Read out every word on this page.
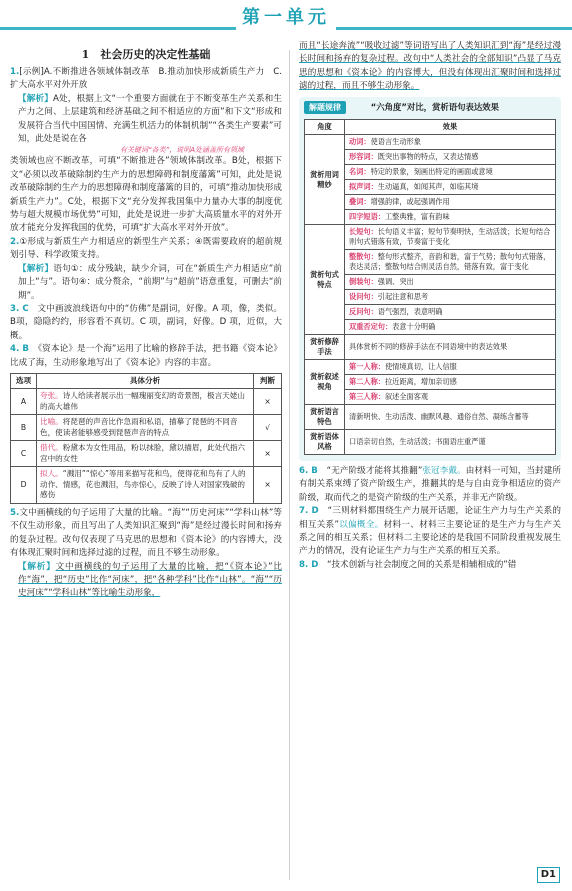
第一单元
1　社会历史的决定性基础

1.[示例]A.不断推进各领域体制改革　B.推动加快形成新质生产力　C.扩大高水平对外开放

【解析】A处，根据上文“一个重要方面就在于不断变革生产关系和生产力之间、上层建筑和经济基础之间不相适应的方面”和下文“形成和发展符合当代中国国情、充满生机活力的体制机制”“各类生产要素”可知，此处是说在各

有关键词“各类”，说明A处涵盖所有领域

类领域也应不断改革，可填“不断推进各”领域体制改革。B处，根据下文“必须以改革破除制约生产力的思想障碍和制度藩篱”可知，此处是说改革破除制约生产力的思想障碍和制度藩篱的目的，可填“推动加快形成新质生产力”。C处，根据下文“充分发挥我国集中力量办大事的制度优势与超大规模市场优势”可知，此处是说进一步扩大高质量水平的对外开放才能充分发挥我国的优势，可填“扩大高水平对外开放”。

2.①形成与新质生产力相适应的新型生产关系；④既需要政府的超前规划引导、科学政策支持。

【解析】语句①：成分残缺，缺少介词，可在“新质生产力相适应”前加上“与”。语句④：成分赘余，“前期”与“超前”语意重复，可删去“前期”。

3. C　 文中画波浪线语句中的“仿佛”是副词，好像。A 项，像，类似。B项，隐隐约约，形容看不真切。C 项，副词，好像。D 项，近似，大概。

4. B　 《资本论》是一个海”运用了比喻的修辞手法，把书籍《资本论》比成了海，生动形象地写出了《资本论》内容的丰富。

选项	具体分析	判断
A	夸张。诗人给读者展示出一幅瑰丽变幻的奇景图，极言天姥山的高大雄伟	×
B	比喻。将琵琶的声音比作急雨和私语，描摹了琵琶的不同音色，使读者能够感受到琵琶声音的特点	√
C	借代。粉黛本为女性用品，粉以抹脸，黛以描眉，此处代指六宫中的女性	×
D	拟人。“溅泪”“惊心”等用来描写花和鸟，使得花和鸟有了人的动作、情感，花也溅泪，鸟亦惊心，反映了诗人对国家残破的感伤	×

5.文中画横线的句子运用了大量的比喻。“海”“历史河床”“学科山林”等不仅生动形象，而且写出了人类知识汇聚到“海”是经过漫长时间和扬弃的复杂过程。改句仅表现了马克思的思想和《资本论》的内容博大，没有体现汇聚时间和选择过滤的过程，而且不够生动形象。

【解析】文中画横线的句子运用了大量的比喻，把“《资本论》”比作“海”，把“历史”比作“河床”，把“各种学科”比作“山林”。“海”“历史河床”“学科山林”等比喻生动形象，

而且“长途奔流”“吸收过滤”等词语写出了人类知识汇到“海”是经过漫长时间和扬弃的复杂过程。改句中“人类社会的全部知识”凸显了马克思的思想和《资本论》的内容博大，但没有体现出汇聚时间和选择过滤的过程，而且不够生动形象。

解题规律	“六角度”对比，赏析语句表达效果
角度	效果
赏析用词精妙	动词：使语言生动形象
	形容词：既突出事物的特点，又表达情感
	名词：特定的景象，刻画出特定的画面或意境
	拟声词：生动逼真，如闻其声，如临其境
	叠词：增强韵律，或起强调作用
	四字短语：工整典雅，富有韵味
赏析句式特点	长短句：长句语义丰富；短句节奏明快，生动活泼；长短句结合则句式错落有致，节奏富于变化
	整散句：整句形式整齐，音韵和谐，富于气势；散句句式错落，表达灵活；整散句结合则灵活自然，错落有致，富于变化
	倒装句：强调、突出
	设问句：引起注意和思考
	反问句：语气强烈，表意明确
	双重否定句：表意十分明确
赏析修辞手法	具体赏析不同的修辞手法在不同语境中的表达效果
赏析叙述视角	第一人称：使情境真切，让人信服
	第二人称：拉近距离，增加亲切感
	第三人称：叙述全面客观
赏析语言特色	清新明快、生动活泼、幽默风趣、通俗自然、凝练含蓄等
赏析语体风格	口语亲切自然，生动活泼；书面语庄重严谨

6. B　 “无产阶级才能将其推翻”张冠李戴。由材料一可知，当封建所有制关系束缚了资产阶级生产，推翻其的是与自由竞争相适应的资产阶级，取而代之的是资产阶级的生产关系，并非无产阶级。

7. D　 “三则材料都围绕生产力展开话题，论证生产力与生产关系的相互关系”以偏概全。材料一、材料三主要论证的是生产力与生产关系之间的相互关系；但材料二主要论述的是我国不同阶段重视发展生产力的情况，没有论证生产力与生产关系的相互关系。

8. D　 “技术创新与社会制度之间的关系是相辅相成的”错

D1
